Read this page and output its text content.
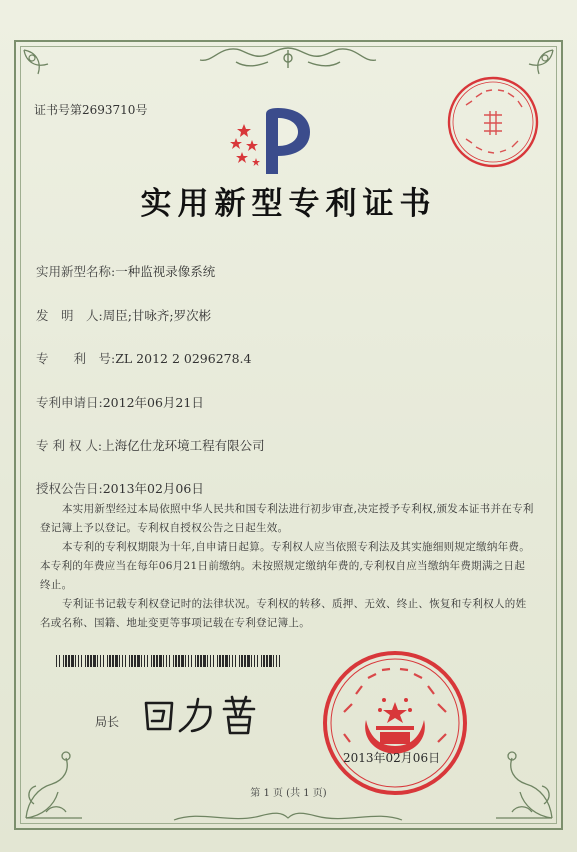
证书号第2693710号
实用新型专利证书
实用新型名称:一种监视录像系统
发　明　人:周臣;甘咏齐;罗次彬
专　　利　号:ZL 2012 2 0296278.4
专利申请日:2012年06月21日
专 利 权 人:上海亿仕龙环境工程有限公司
授权公告日:2013年02月06日

本实用新型经过本局依照中华人民共和国专利法进行初步审查,决定授予专利权,颁发本证书并在专利登记簿上予以登记。专利权自授权公告之日起生效。

本专利的专利权期限为十年,自申请日起算。专利权人应当依照专利法及其实施细则规定缴纳年费。本专利的年费应当在每年06月21日前缴纳。未按照规定缴纳年费的,专利权自应当缴纳年费期满之日起终止。

专利证书记载专利权登记时的法律状况。专利权的转移、质押、无效、终止、恢复和专利权人的姓名或名称、国籍、地址变更等事项记载在专利登记簿上。

局长
2013年02月06日
第 1 页 (共 1 页)
